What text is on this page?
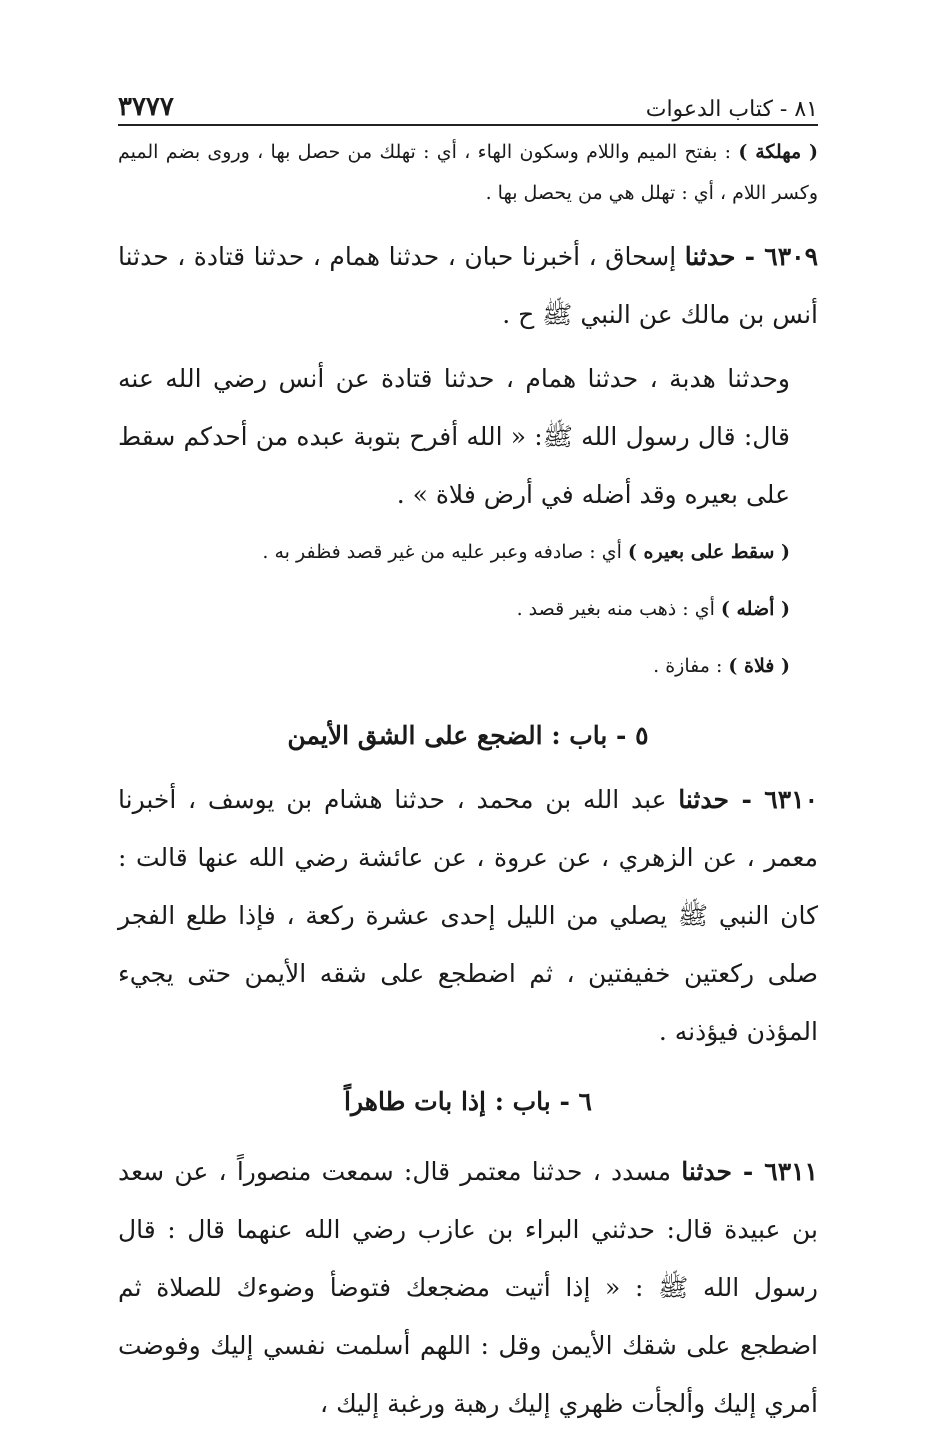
٣٧٧٧	٨١ - كتاب الدعوات

( مهلكة ) : بفتح الميم واللام وسكون الهاء ، أي : تهلك من حصل بها ، وروى بضم الميم وكسر اللام ، أي : تهلل هي من يحصل بها .

٦٣٠٩ - حدثنا إسحاق ، أخبرنا حبان ، حدثنا همام ، حدثنا قتادة ، حدثنا أنس بن مالك عن النبي ﷺ ح .

وحدثنا هدبة ، حدثنا همام ، حدثنا قتادة عن أنس رضي الله عنه قال: قال رسول الله ﷺ: « الله أفرح بتوبة عبده من أحدكم سقط على بعيره وقد أضله في أرض فلاة » .

( سقط على بعيره ) أي : صادفه وعبر عليه من غير قصد فظفر به .

( أضله ) أي : ذهب منه بغير قصد .

( فلاة ) : مفازة .

٥ - باب : الضجع على الشق الأيمن

٦٣١٠ - حدثنا عبد الله بن محمد ، حدثنا هشام بن يوسف ، أخبرنا معمر ، عن الزهري ، عن عروة ، عن عائشة رضي الله عنها قالت : كان النبي ﷺ يصلي من الليل إحدى عشرة ركعة ، فإذا طلع الفجر صلى ركعتين خفيفتين ، ثم اضطجع على شقه الأيمن حتى يجيء المؤذن فيؤذنه .

٦ - باب : إذا بات طاهراً

٦٣١١ - حدثنا مسدد ، حدثنا معتمر قال: سمعت منصوراً ، عن سعد بن عبيدة قال: حدثني البراء بن عازب رضي الله عنهما قال : قال رسول الله ﷺ : « إذا أتيت مضجعك فتوضأ وضوءك للصلاة ثم اضطجع على شقك الأيمن وقل : اللهم أسلمت نفسي إليك وفوضت أمري إليك وألجأت ظهري إليك رهبة ورغبة إليك ،
